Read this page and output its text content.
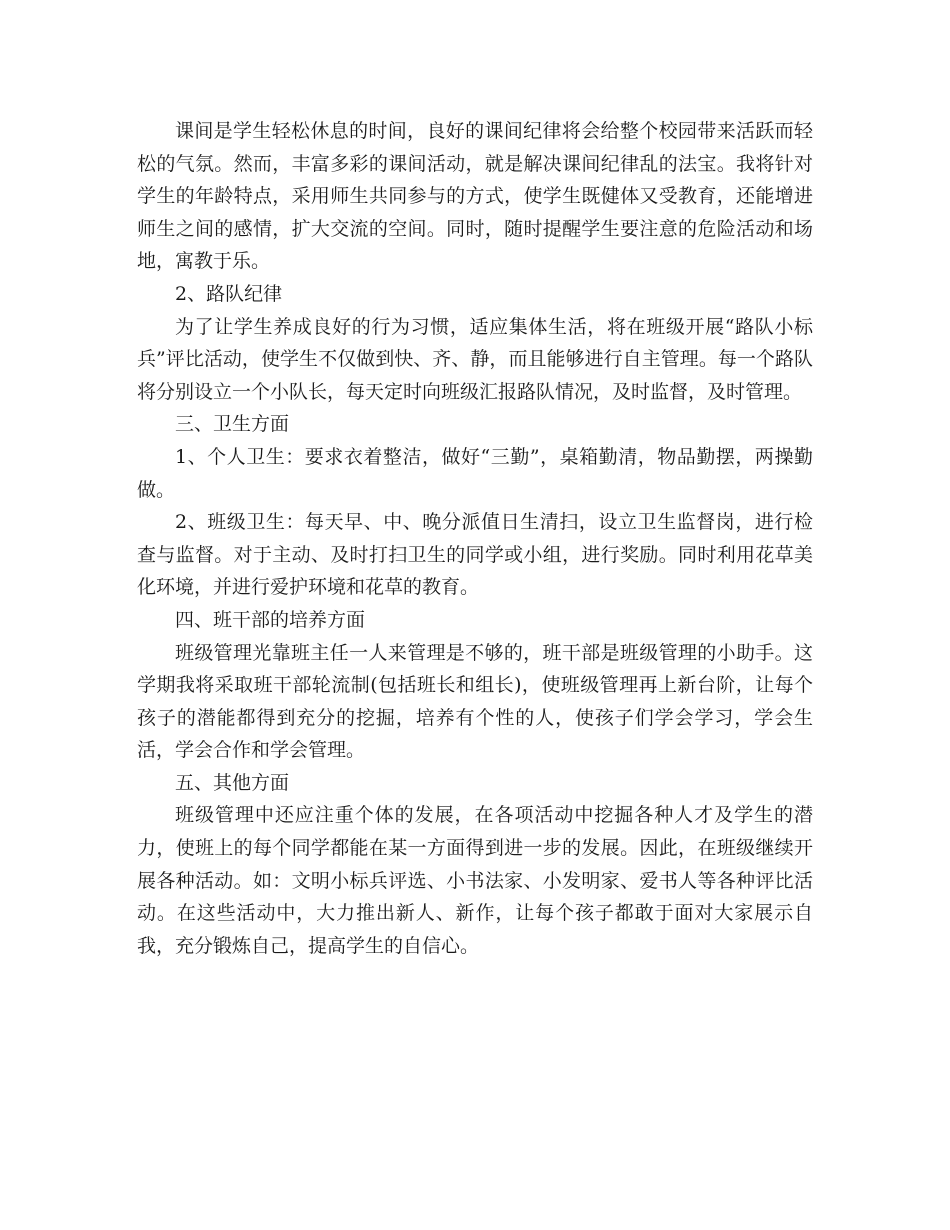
课间是学生轻松休息的时间，良好的课间纪律将会给整个校园带来活跃而轻松的气氛。然而，丰富多彩的课间活动，就是解决课间纪律乱的法宝。我将针对学生的年龄特点，采用师生共同参与的方式，使学生既健体又受教育，还能增进师生之间的感情，扩大交流的空间。同时，随时提醒学生要注意的危险活动和场地，寓教于乐。

2、路队纪律

为了让学生养成良好的行为习惯，适应集体生活，将在班级开展“路队小标兵”评比活动，使学生不仅做到快、齐、静，而且能够进行自主管理。每一个路队将分别设立一个小队长，每天定时向班级汇报路队情况，及时监督，及时管理。

三、卫生方面

1、个人卫生：要求衣着整洁，做好“三勤”，桌箱勤清，物品勤摆，两操勤做。

2、班级卫生：每天早、中、晚分派值日生清扫，设立卫生监督岗，进行检查与监督。对于主动、及时打扫卫生的同学或小组，进行奖励。同时利用花草美化环境，并进行爱护环境和花草的教育。

四、班干部的培养方面

班级管理光靠班主任一人来管理是不够的，班干部是班级管理的小助手。这学期我将采取班干部轮流制(包括班长和组长)，使班级管理再上新台阶，让每个孩子的潜能都得到充分的挖掘，培养有个性的人，使孩子们学会学习，学会生活，学会合作和学会管理。

五、其他方面

班级管理中还应注重个体的发展，在各项活动中挖掘各种人才及学生的潜力，使班上的每个同学都能在某一方面得到进一步的发展。因此，在班级继续开展各种活动。如：文明小标兵评选、小书法家、小发明家、爱书人等各种评比活动。在这些活动中，大力推出新人、新作，让每个孩子都敢于面对大家展示自我，充分锻炼自己，提高学生的自信心。
